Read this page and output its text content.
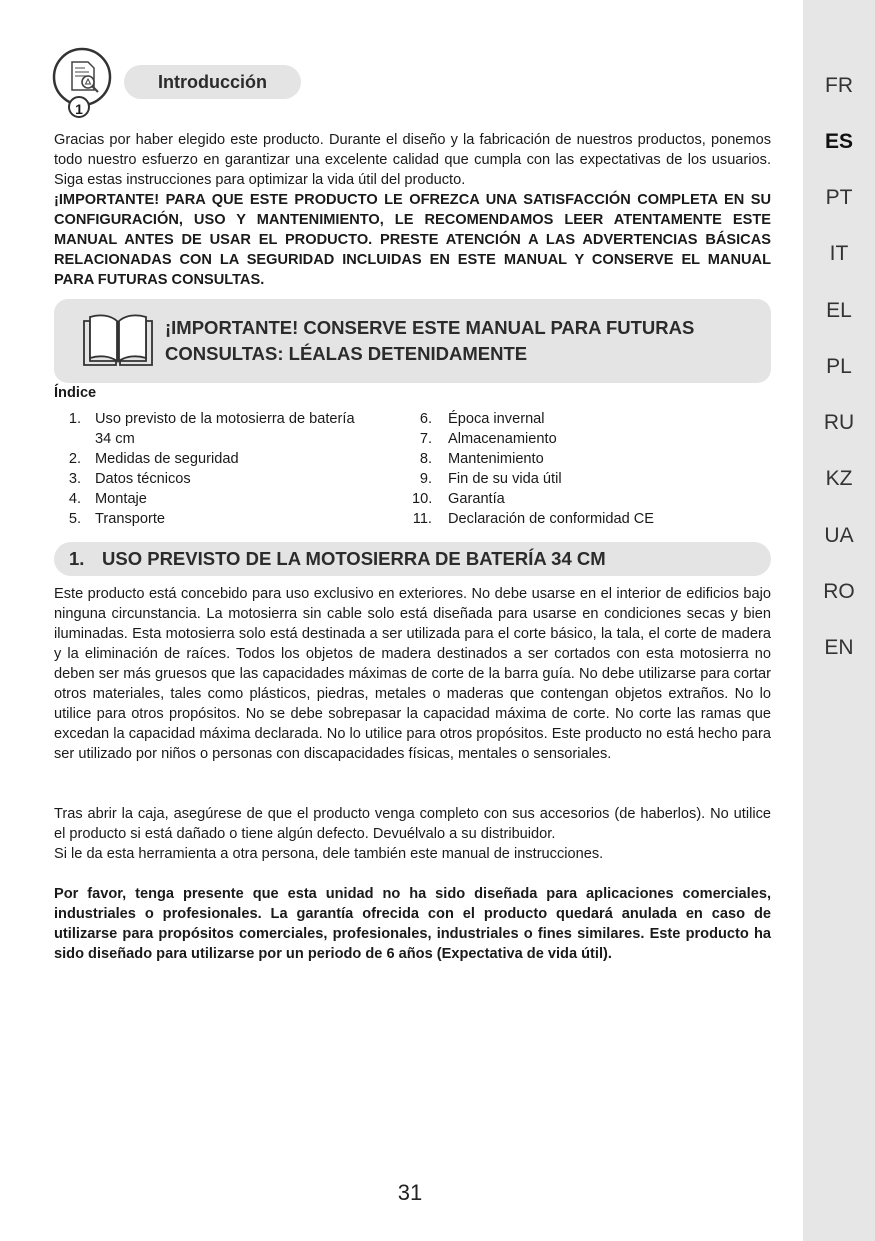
FR
ES
PT
IT
EL
PL
RU
KZ
UA
RO
EN
1
Introducción

Gracias por haber elegido este producto. Durante el diseño y la fabricación de nuestros productos, ponemos todo nuestro esfuerzo en garantizar una excelente calidad que cumpla con las expectativas de los usuarios. Siga estas instrucciones para optimizar la vida útil del producto.

¡IMPORTANTE! PARA QUE ESTE PRODUCTO LE OFREZCA UNA SATISFACCIÓN COMPLETA EN SU CONFIGURACIÓN, USO Y MANTENIMIENTO, LE RECOMENDAMOS LEER ATENTAMENTE ESTE MANUAL ANTES DE USAR EL PRODUCTO. PRESTE ATENCIÓN A LAS ADVERTENCIAS BÁSICAS RELACIONADAS CON LA SEGURIDAD INCLUIDAS EN ESTE MANUAL Y CONSERVE EL MANUAL PARA FUTURAS CONSULTAS.

¡IMPORTANTE! CONSERVE ESTE MANUAL PARA FUTURAS
CONSULTAS: LÉALAS DETENIDAMENTE
Índice
1. Uso previsto de la motosierra de batería
34 cm
2. Medidas de seguridad
3. Datos técnicos
4. Montaje
5. Transporte
6. Época invernal
7. Almacenamiento
8. Mantenimiento
9. Fin de su vida útil
10. Garantía
11. Declaración de conformidad CE
1. USO PREVISTO DE LA MOTOSIERRA DE BATERÍA 34 CM

Este producto está concebido para uso exclusivo en exteriores. No debe usarse en el interior de edificios bajo ninguna circunstancia. La motosierra sin cable solo está diseñada para usarse en condiciones secas y bien iluminadas. Esta motosierra solo está destinada a ser utilizada para el corte básico, la tala, el corte de madera y la eliminación de raíces. Todos los objetos de madera destinados a ser cortados con esta motosierra no deben ser más gruesos que las capacidades máximas de corte de la barra guía. No debe utilizarse para cortar otros materiales, tales como plásticos, piedras, metales o maderas que contengan objetos extraños. No lo utilice para otros propósitos. No se debe sobrepasar la capacidad máxima de corte. No corte las ramas que excedan la capacidad máxima declarada. No lo utilice para otros propósitos. Este producto no está hecho para ser utilizado por niños o personas con discapacidades físicas, mentales o sensoriales.

Tras abrir la caja, asegúrese de que el producto venga completo con sus accesorios (de haberlos). No utilice el producto si está dañado o tiene algún defecto. Devuélvalo a su distribuidor.

Si le da esta herramienta a otra persona, dele también este manual de instrucciones.

Por favor, tenga presente que esta unidad no ha sido diseñada para aplicaciones comerciales, industriales o profesionales. La garantía ofrecida con el producto quedará anulada en caso de utilizarse para propósitos comerciales, profesionales, industriales o fines similares. Este producto ha sido diseñado para utilizarse por un periodo de 6 años (Expectativa de vida útil).

31
